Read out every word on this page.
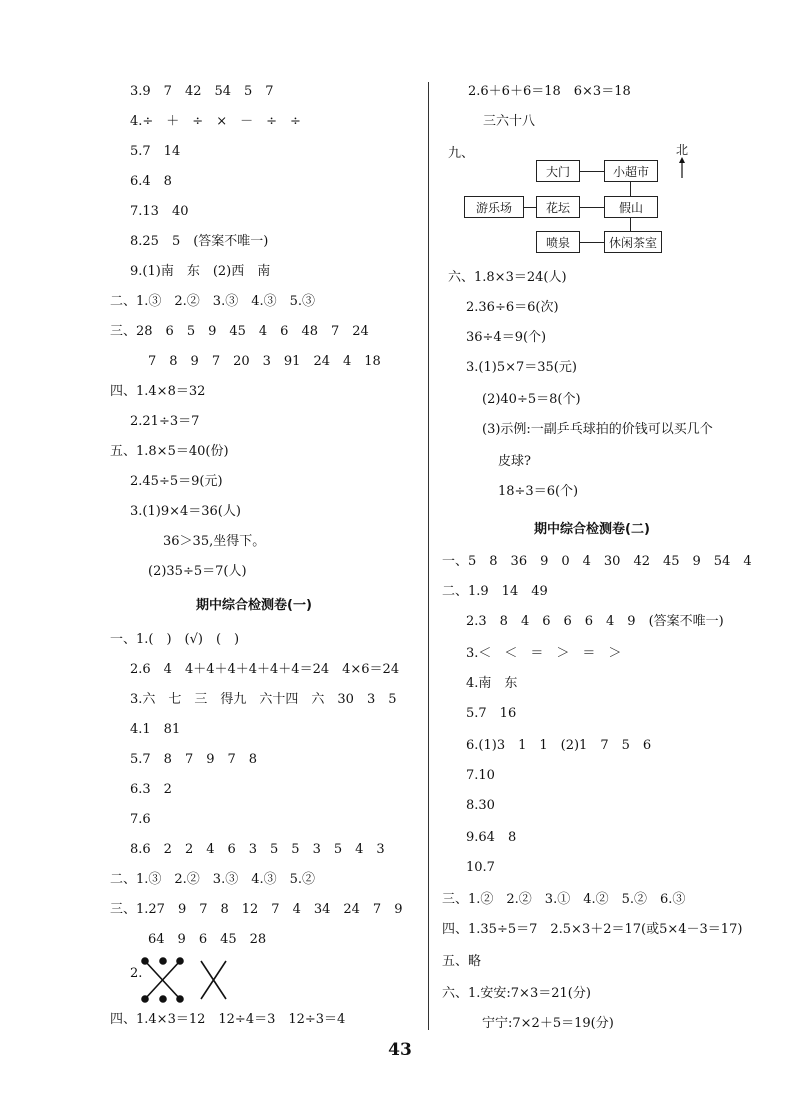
3.9　7　42　54　5　7
4.÷　＋　÷　×　－　÷　÷
5.7　14
6.4　8
7.13　40
8.25　5　(答案不唯一)
9.(1)南　东　(2)西　南
二、1.③　2.②　3.③　4.③　5.③
三、28　6　5　9　45　4　6　48　7　24
7　8　9　7　20　3　91　24　4　18
四、1.4×8＝32
2.21÷3＝7
五、1.8×5＝40(份)
2.45÷5＝9(元)
3.(1)9×4＝36(人)
36＞35,坐得下。
(2)35÷5＝7(人)
期中综合检测卷(一)
一、1.(　)　(√)　(　)
2.6　4　4＋4＋4＋4＋4＋4＝24　4×6＝24
3.六　七　三　得九　六十四　六　30　3　5
4.1　81
5.7　8　7　9　7　8
6.3　2
7.6
8.6　2　2　4　6　3　5　5　3　5　4　3
二、1.③　2.②　3.③　4.③　5.②
三、1.27　9　7　8　12　7　4　34　24　7　9
64　9　6　45　28
2.
四、1.4×3＝12　12÷4＝3　12÷3＝4
2.6＋6＋6＝18　6×3＝18
三六十八
九、
大门	小超市
游乐场	花坛	假山
喷泉	休闲茶室
北
六、1.8×3＝24(人)
2.36÷6＝6(次)
36÷4＝9(个)
3.(1)5×7＝35(元)
(2)40÷5＝8(个)
(3)示例:一副乒乓球拍的价钱可以买几个
皮球?
18÷3＝6(个)
期中综合检测卷(二)
一、5　8　36　9　0　4　30　42　45　9　54　4
二、1.9　14　49
2.3　8　4　6　6　6　4　9　(答案不唯一)
3.＜　＜　＝　＞　＝　＞
4.南　东
5.7　16
6.(1)3　1　1　(2)1　7　5　6
7.10
8.30
9.64　8
10.7
三、1.②　2.②　3.①　4.②　5.②　6.③
四、1.35÷5＝7　2.5×3＋2＝17(或5×4－3＝17)
五、略
六、1.安安:7×3＝21(分)
宁宁:7×2＋5＝19(分)
43
